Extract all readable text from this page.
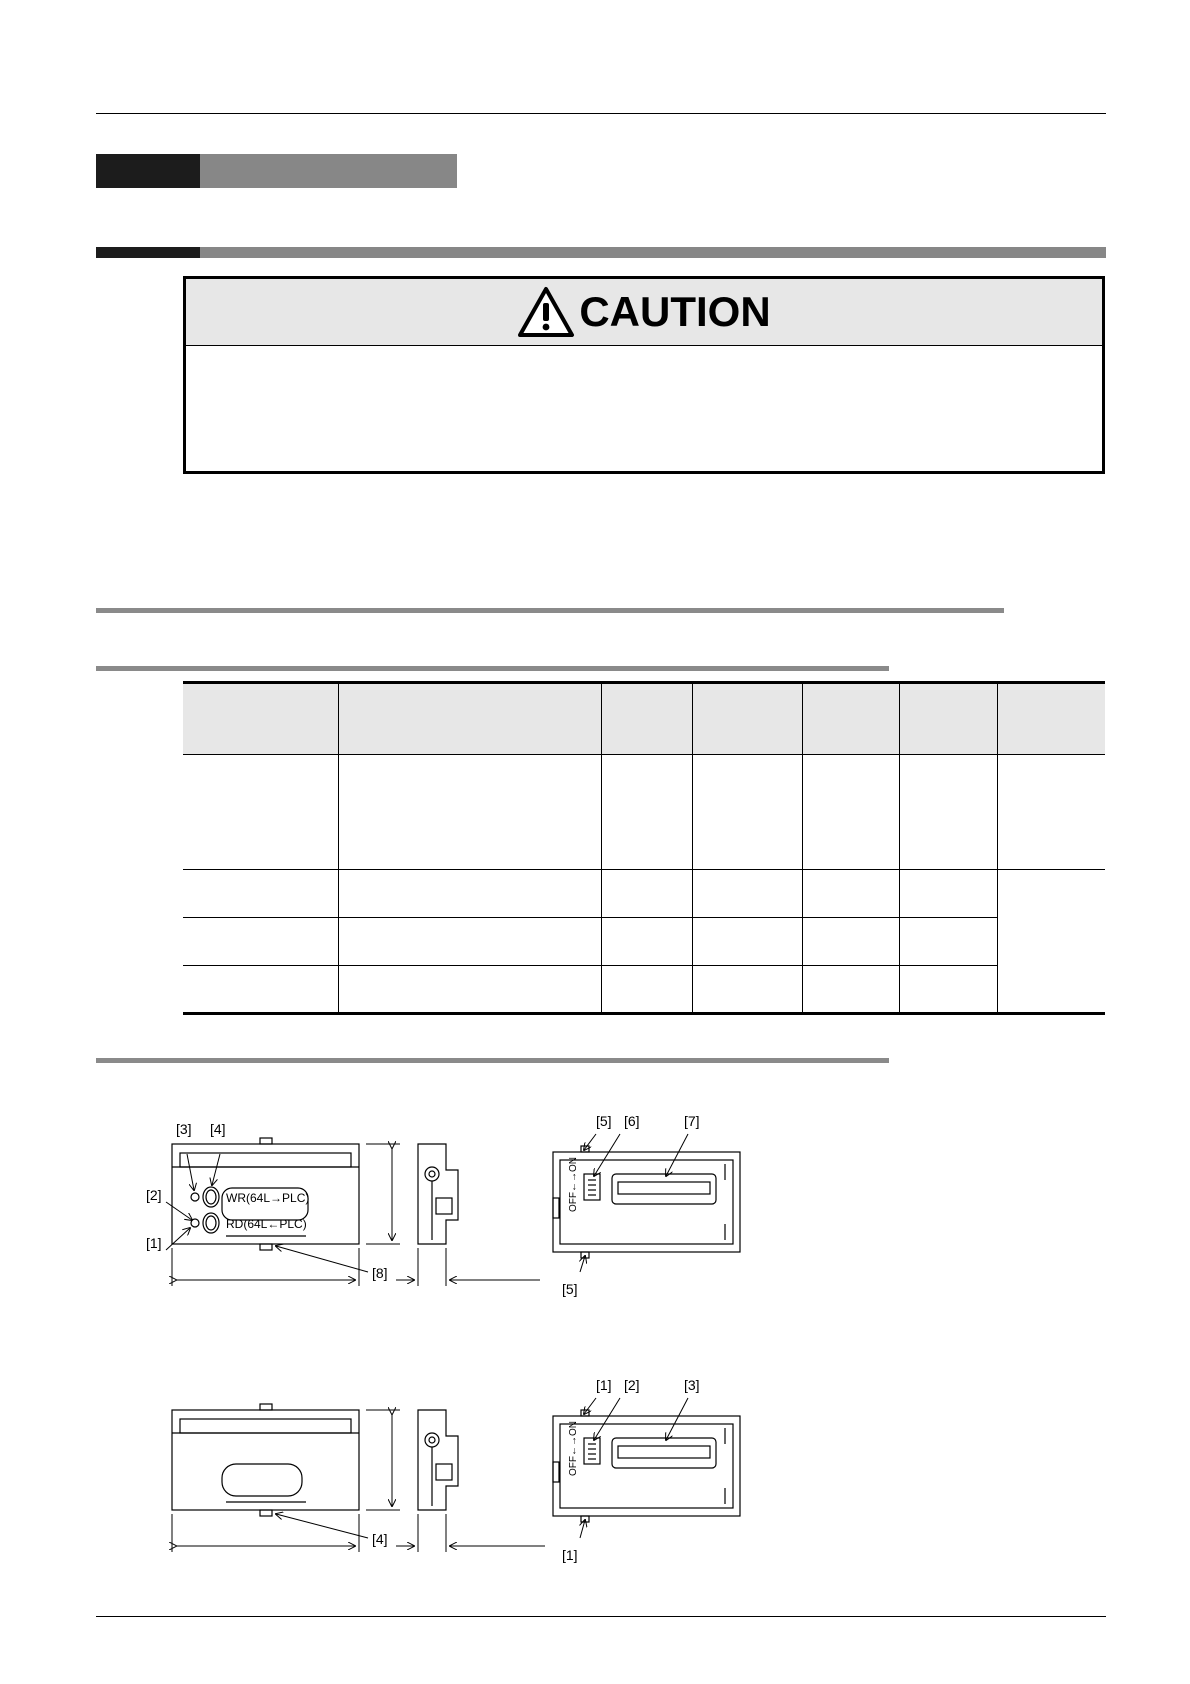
CAUTION

[3] [4]
[2]
[1]
WR(64L→PLC)
RD(64L←PLC)
[8]
[5] [6]	[7]
[5]
OFF←→ON
[4]
[1] [2]	[3]
[1]
OFF←→ON
